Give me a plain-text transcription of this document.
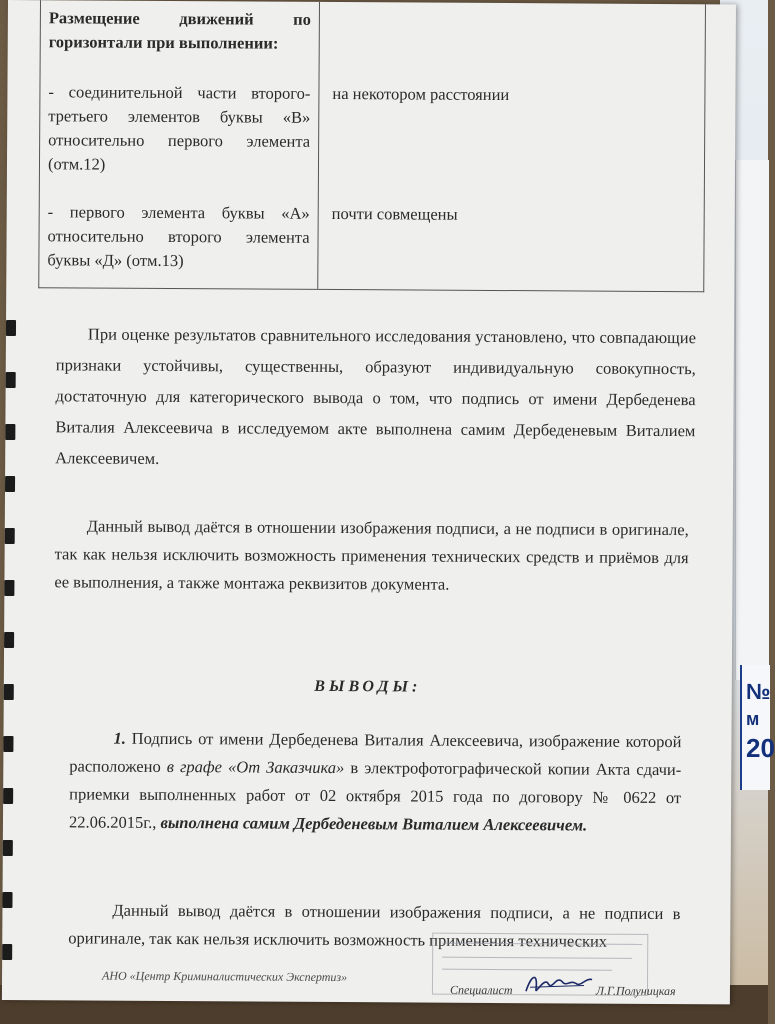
№
м
20
Размещение движений по горизонтали при выполнении:
- соединительной части второго-третьего элементов буквы «В» относительно первого элемента (отм.12)
на некотором расстоянии
- первого элемента буквы «А» относительно второго элемента буквы «Д» (отм.13)
почти совмещены

При оценке результатов сравнительного исследования установлено, что совпадающие признаки устойчивы, существенны, образуют индивидуальную совокупность, достаточную для категорического вывода о том, что подпись от имени Дербеденева Виталия Алексеевича в исследуемом акте выполнена самим Дербеденевым Виталием Алексеевичем.

Данный вывод даётся в отношении изображения подписи, а не подписи в оригинале, так как нельзя исключить возможность применения технических средств и приёмов для ее выполнения, а также монтажа реквизитов документа.

ВЫВОДЫ:

1. Подпись от имени Дербеденева Виталия Алексеевича, изображение которой расположено в графе «От Заказчика» в электрофотографической копии Акта сдачи-приемки выполненных работ от 02 октября 2015 года по договору № 0622 от 22.06.2015г., выполнена самим Дербеденевым Виталием Алексеевичем.

Данный вывод даётся в отношении изображения подписи, а не подписи в оригинале, так как нельзя исключить возможность применения технических

АНО «Центр Криминалистических Экспертиз»
Специалист	Л.Г.Полуницкая
